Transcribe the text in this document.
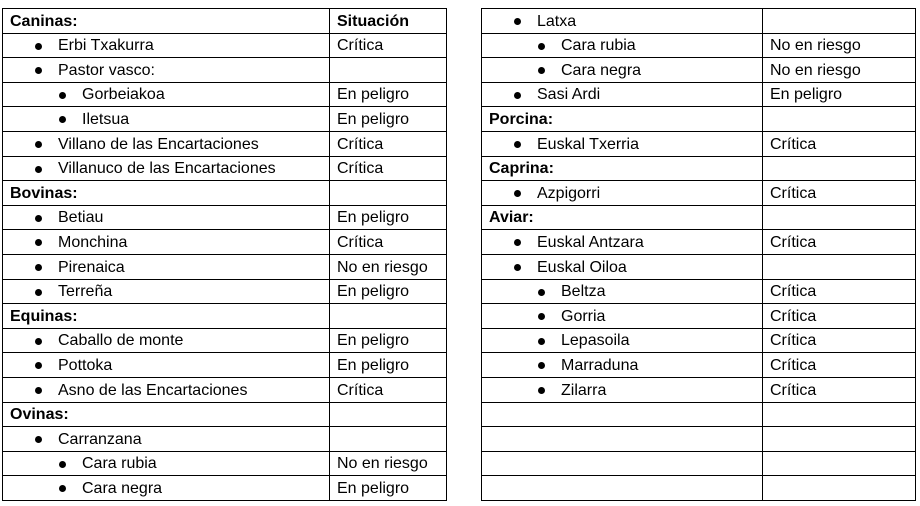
Caninas:	Situación

Erbi Txakurra	Crítica

Pastor vasco:	

Gorbeiakoa	En peligro

Iletsua	En peligro

Villano de las Encartaciones	Crítica

Villanuco de las Encartaciones	Crítica
Bovinas:	

Betiau	En peligro

Monchina	Crítica

Pirenaica	No en riesgo

Terreña	En peligro
Equinas:	

Caballo de monte	En peligro

Pottoka	En peligro

Asno de las Encartaciones	Crítica
Ovinas:	

Carranzana	

Cara rubia	No en riesgo

Cara negra	En peligro
Latxa	

Cara rubia	No en riesgo

Cara negra	No en riesgo

Sasi Ardi	En peligro
Porcina:	

Euskal Txerria	Crítica
Caprina:	

Azpigorri	Crítica
Aviar:	

Euskal Antzara	Crítica

Euskal Oiloa	

Beltza	Crítica

Gorria	Crítica

Lepasoila	Crítica

Marraduna	Crítica

Zilarra	Crítica
